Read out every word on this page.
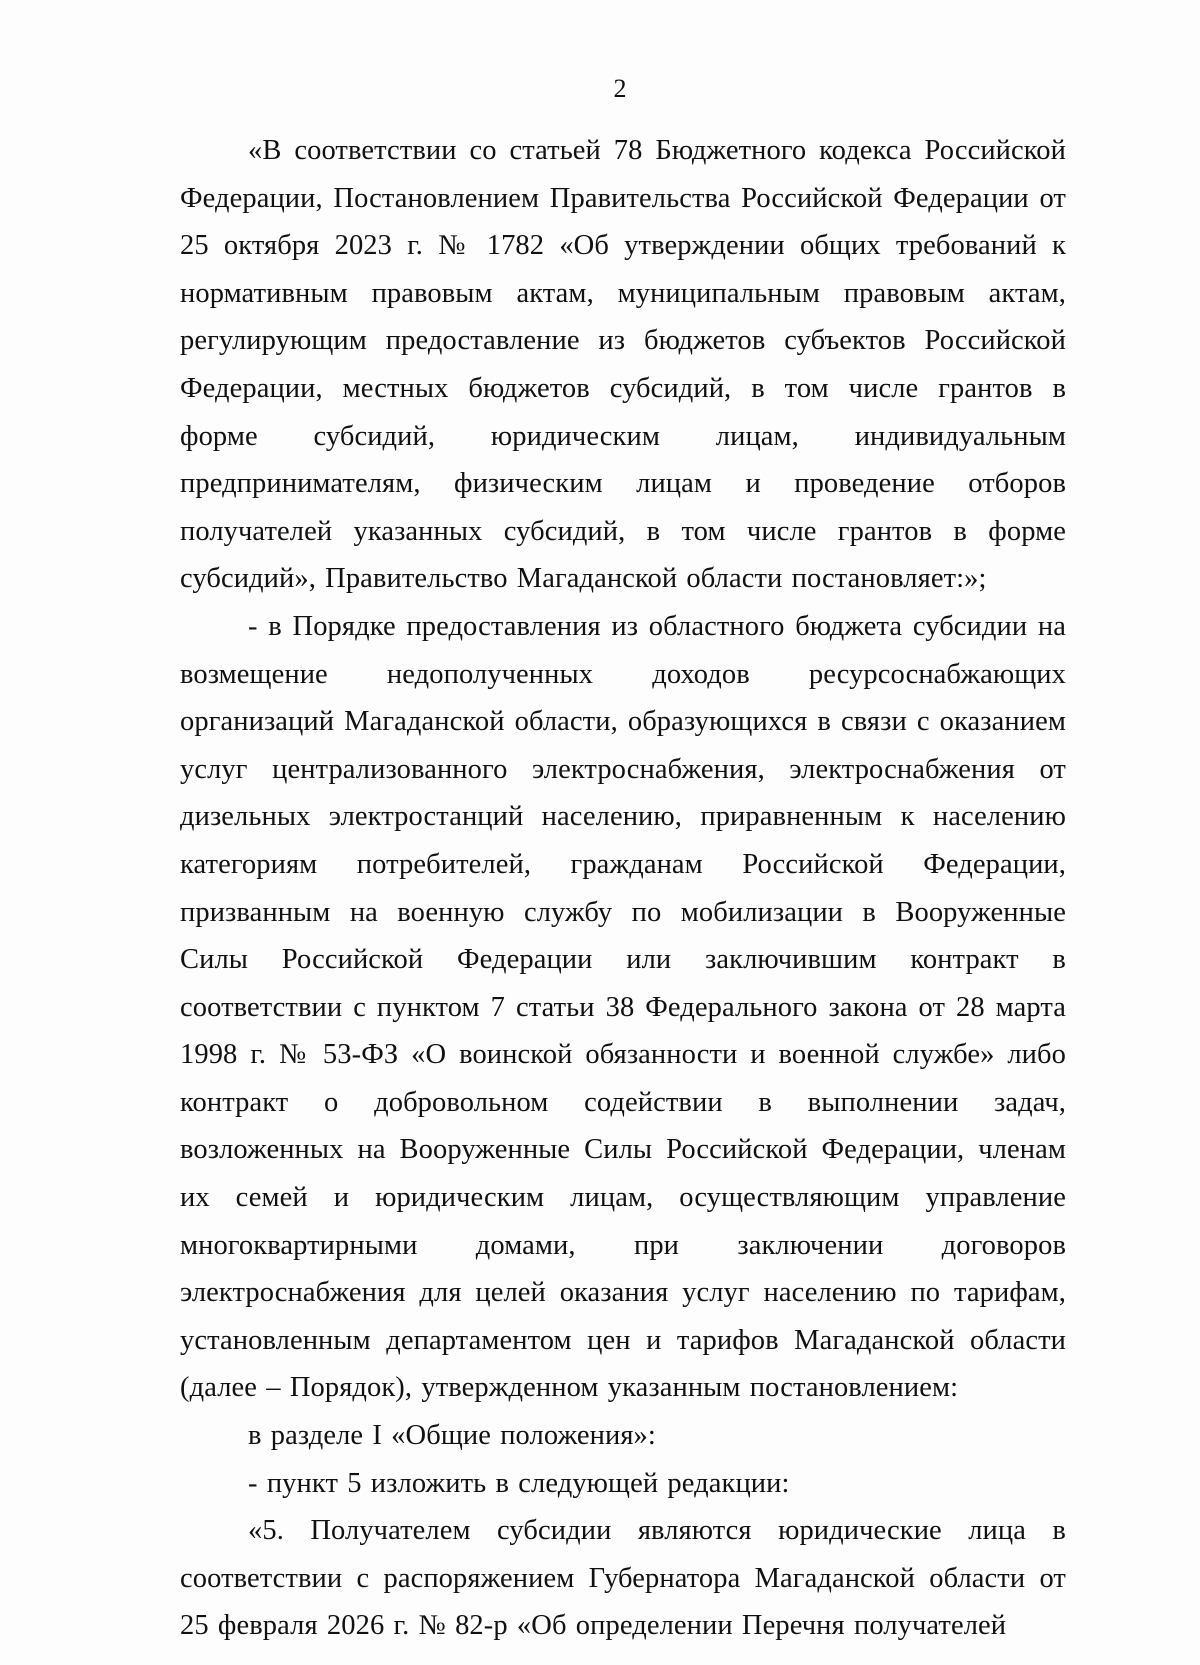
2

«В соответствии со статьей 78 Бюджетного кодекса Российской Федерации, Постановлением Правительства Российской Федерации от 25 октября 2023 г. № 1782 «Об утверждении общих требований к нормативным правовым актам, муниципальным правовым актам, регулирующим предоставление из бюджетов субъектов Российской Федерации, местных бюджетов субсидий, в том числе грантов в форме субсидий, юридическим лицам, индивидуальным предпринимателям, физическим лицам и проведение отборов получателей указанных субсидий, в том числе грантов в форме субсидий», Правительство Магаданской области постановляет:»;

- в Порядке предоставления из областного бюджета субсидии на возмещение недополученных доходов ресурсоснабжающих организаций Магаданской области, образующихся в связи с оказанием услуг централизованного электроснабжения, электроснабжения от дизельных электростанций населению, приравненным к населению категориям потребителей, гражданам Российской Федерации, призванным на военную службу по мобилизации в Вооруженные Силы Российской Федерации или заключившим контракт в соответствии с пунктом 7 статьи 38 Федерального закона от 28 марта 1998 г. № 53-ФЗ «О воинской обязанности и военной службе» либо контракт о добровольном содействии в выполнении задач, возложенных на Вооруженные Силы Российской Федерации, членам их семей и юридическим лицам, осуществляющим управление многоквартирными домами, при заключении договоров электроснабжения для целей оказания услуг населению по тарифам, установленным департаментом цен и тарифов Магаданской области (далее – Порядок), утвержденном указанным постановлением:

в разделе I «Общие положения»:

- пункт 5 изложить в следующей редакции:

«5. Получателем субсидии являются юридические лица в соответствии с распоряжением Губернатора Магаданской области от 25 февраля 2026 г. № 82-р «Об определении Перечня получателей
